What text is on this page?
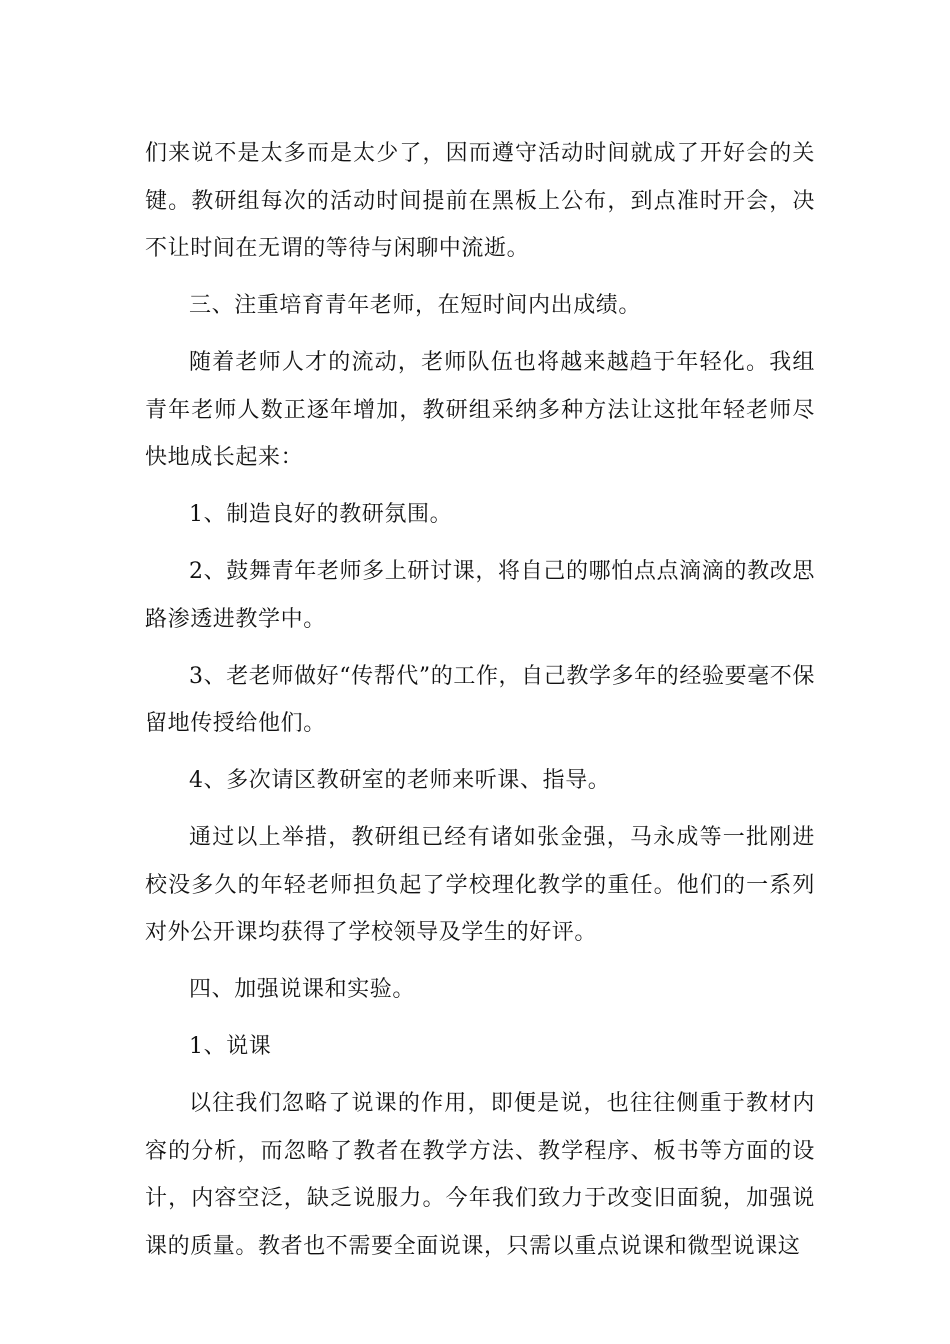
们来说不是太多而是太少了，因而遵守活动时间就成了开好会的关键。教研组每次的活动时间提前在黑板上公布，到点准时开会，决不让时间在无谓的等待与闲聊中流逝。

三、注重培育青年老师，在短时间内出成绩。

随着老师人才的流动，老师队伍也将越来越趋于年轻化。我组青年老师人数正逐年增加，教研组采纳多种方法让这批年轻老师尽快地成长起来：

1、制造良好的教研氛围。

2、鼓舞青年老师多上研讨课，将自己的哪怕点点滴滴的教改思路渗透进教学中。

3、老老师做好“传帮代”的工作，自己教学多年的经验要毫不保留地传授给他们。

4、多次请区教研室的老师来听课、指导。

通过以上举措，教研组已经有诸如张金强，马永成等一批刚进校没多久的年轻老师担负起了学校理化教学的重任。他们的一系列对外公开课均获得了学校领导及学生的好评。

四、加强说课和实验。

1、说课

以往我们忽略了说课的作用，即便是说，也往往侧重于教材内容的分析，而忽略了教者在教学方法、教学程序、板书等方面的设计，内容空泛，缺乏说服力。今年我们致力于改变旧面貌，加强说课的质量。教者也不需要全面说课，只需以重点说课和微型说课这
